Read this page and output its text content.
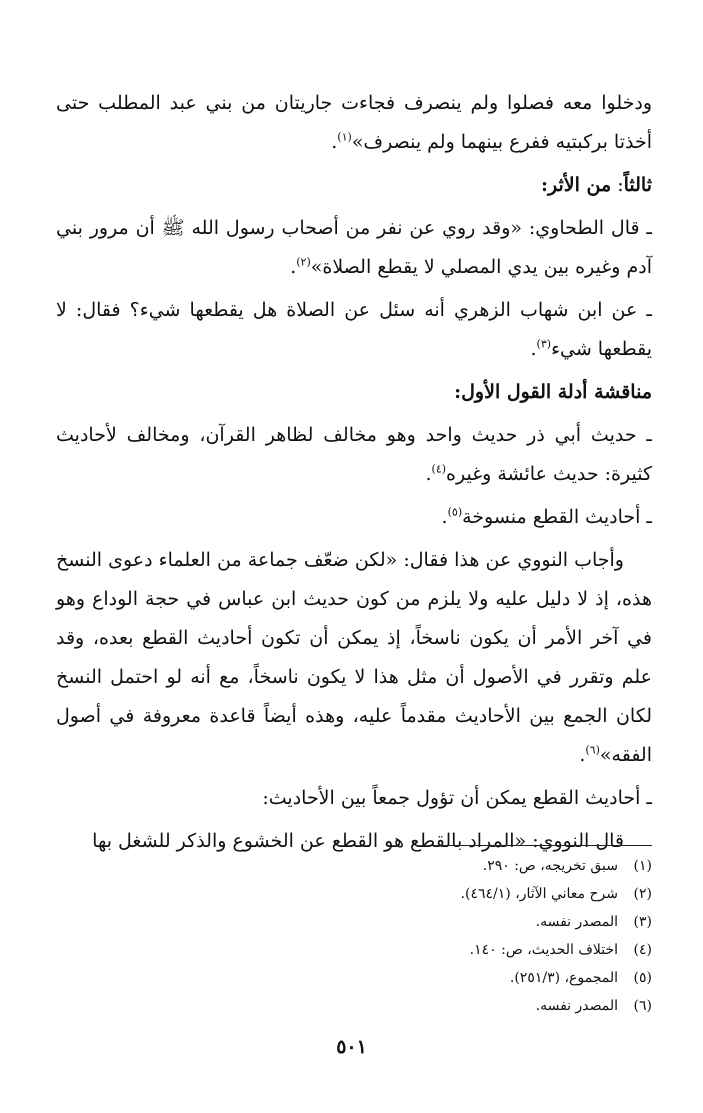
ودخلوا معه فصلوا ولم ينصرف فجاءت جاريتان من بني عبد المطلب حتى أخذتا بركبتيه ففرع بينهما ولم ينصرف»$^{(١)}$.

ثالثاً: من الأثر:

ـ قال الطحاوي: «وقد روي عن نفر من أصحاب رسول الله ﷺ أن مرور بني آدم وغيره بين يدي المصلي لا يقطع الصلاة»$^{(٢)}$.

ـ عن ابن شهاب الزهري أنه سئل عن الصلاة هل يقطعها شيء؟ فقال: لا يقطعها شيء$^{(٣)}$.

مناقشة أدلة القول الأول:

ـ حديث أبي ذر حديث واحد وهو مخالف لظاهر القرآن، ومخالف لأحاديث كثيرة: حديث عائشة وغيره$^{(٤)}$.

ـ أحاديث القطع منسوخة$^{(٥)}$.

وأجاب النووي عن هذا فقال: «لكن ضعّف جماعة من العلماء دعوى النسخ هذه، إذ لا دليل عليه ولا يلزم من كون حديث ابن عباس في حجة الوداع وهو في آخر الأمر أن يكون ناسخاً، إذ يمكن أن تكون أحاديث القطع بعده، وقد علم وتقرر في الأصول أن مثل هذا لا يكون ناسخاً، مع أنه لو احتمل النسخ لكان الجمع بين الأحاديث مقدماً عليه، وهذه أيضاً قاعدة معروفة في أصول الفقه»$^{(٦)}$.

ـ أحاديث القطع يمكن أن تؤول جمعاً بين الأحاديث:

قال النووي: «المراد بالقطع هو القطع عن الخشوع والذكر للشغل بها

(١)
سبق تخريجه، ص: ٢٩٠.
(٢)
شرح معاني الآثار، (٤٦٤/١).
(٣)
المصدر نفسه.
(٤)
اختلاف الحديث، ص: ١٤٠.
(٥)
المجموع، (٢٥١/٣).
(٦)
المصدر نفسه.
٥٠١
